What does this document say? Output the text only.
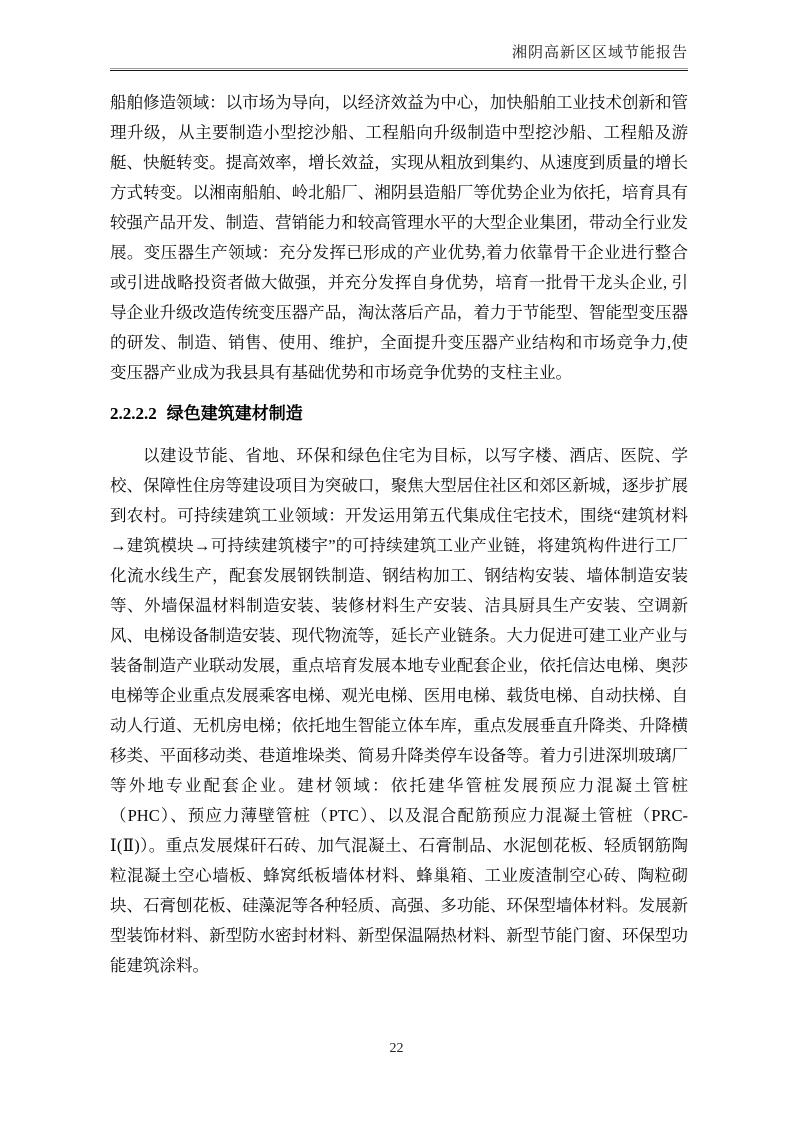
湘阴高新区区域节能报告

船舶修造领域：以市场为导向，以经济效益为中心，加快船舶工业技术创新和管理升级，从主要制造小型挖沙船、工程船向升级制造中型挖沙船、工程船及游艇、快艇转变。提高效率，增长效益，实现从粗放到集约、从速度到质量的增长方式转变。以湘南船舶、岭北船厂、湘阴县造船厂等优势企业为依托，培育具有较强产品开发、制造、营销能力和较高管理水平的大型企业集团，带动全行业发展。变压器生产领域：充分发挥已形成的产业优势,着力依靠骨干企业进行整合或引进战略投资者做大做强，并充分发挥自身优势，培育一批骨干龙头企业, 引导企业升级改造传统变压器产品，淘汰落后产品，着力于节能型、智能型变压器的研发、制造、销售、使用、维护，全面提升变压器产业结构和市场竞争力,使变压器产业成为我县具有基础优势和市场竞争优势的支柱主业。

2.2.2.2 绿色建筑建材制造

以建设节能、省地、环保和绿色住宅为目标，以写字楼、酒店、医院、学校、保障性住房等建设项目为突破口，聚焦大型居住社区和郊区新城，逐步扩展到农村。可持续建筑工业领域：开发运用第五代集成住宅技术，围绕“建筑材料→建筑模块→可持续建筑楼宇”的可持续建筑工业产业链，将建筑构件进行工厂化流水线生产，配套发展钢铁制造、钢结构加工、钢结构安装、墙体制造安装等、外墙保温材料制造安装、装修材料生产安装、洁具厨具生产安装、空调新风、电梯设备制造安装、现代物流等，延长产业链条。大力促进可建工业产业与装备制造产业联动发展，重点培育发展本地专业配套企业，依托信达电梯、奥莎电梯等企业重点发展乘客电梯、观光电梯、医用电梯、载货电梯、自动扶梯、自动人行道、无机房电梯；依托地生智能立体车库，重点发展垂直升降类、升降横移类、平面移动类、巷道堆垛类、简易升降类停车设备等。着力引进深圳玻璃厂等外地专业配套企业。建材领域：依托建华管桩发展预应力混凝土管桩（PHC）、预应力薄壁管桩（PTC）、以及混合配筋预应力混凝土管桩（PRC-Ⅰ(Ⅱ)）。重点发展煤矸石砖、加气混凝土、石膏制品、水泥刨花板、轻质钢筋陶粒混凝土空心墙板、蜂窝纸板墙体材料、蜂巢箱、工业废渣制空心砖、陶粒砌块、石膏刨花板、硅藻泥等各种轻质、高强、多功能、环保型墙体材料。发展新型装饰材料、新型防水密封材料、新型保温隔热材料、新型节能门窗、环保型功能建筑涂料。

22
